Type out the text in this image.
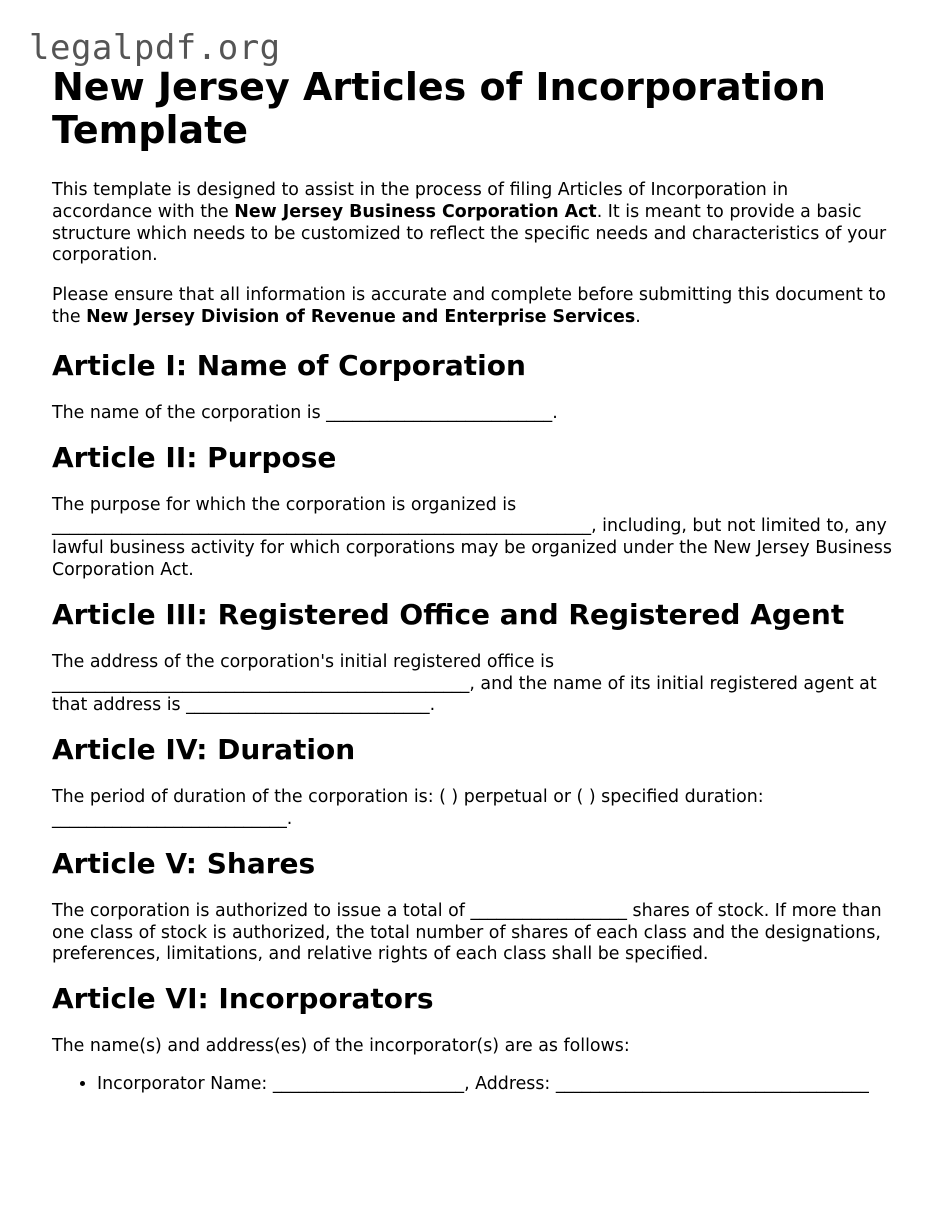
legalpdf.org
New Jersey Articles of Incorporation Template

This template is designed to assist in the process of filing Articles of Incorporation in accordance with the New Jersey Business Corporation Act. It is meant to provide a basic structure which needs to be customized to reflect the specific needs and characteristics of your corporation.

Please ensure that all information is accurate and complete before submitting this document to the New Jersey Division of Revenue and Enterprise Services.

Article I: Name of Corporation

The name of the corporation is __________________________.

Article II: Purpose

The purpose for which the corporation is organized is ______________________________________________________________, including, but not limited to, any lawful business activity for which corporations may be organized under the New Jersey Business Corporation Act.

Article III: Registered Office and Registered Agent

The address of the corporation's initial registered office is ________________________________________________, and the name of its initial registered agent at that address is ____________________________.

Article IV: Duration

The period of duration of the corporation is: ( ) perpetual or ( ) specified duration: ___________________________.

Article V: Shares

The corporation is authorized to issue a total of __________________ shares of stock. If more than one class of stock is authorized, the total number of shares of each class and the designations, preferences, limitations, and relative rights of each class shall be specified.

Article VI: Incorporators

The name(s) and address(es) of the incorporator(s) are as follows:

• Incorporator Name: ______________________, Address: ____________________________________
